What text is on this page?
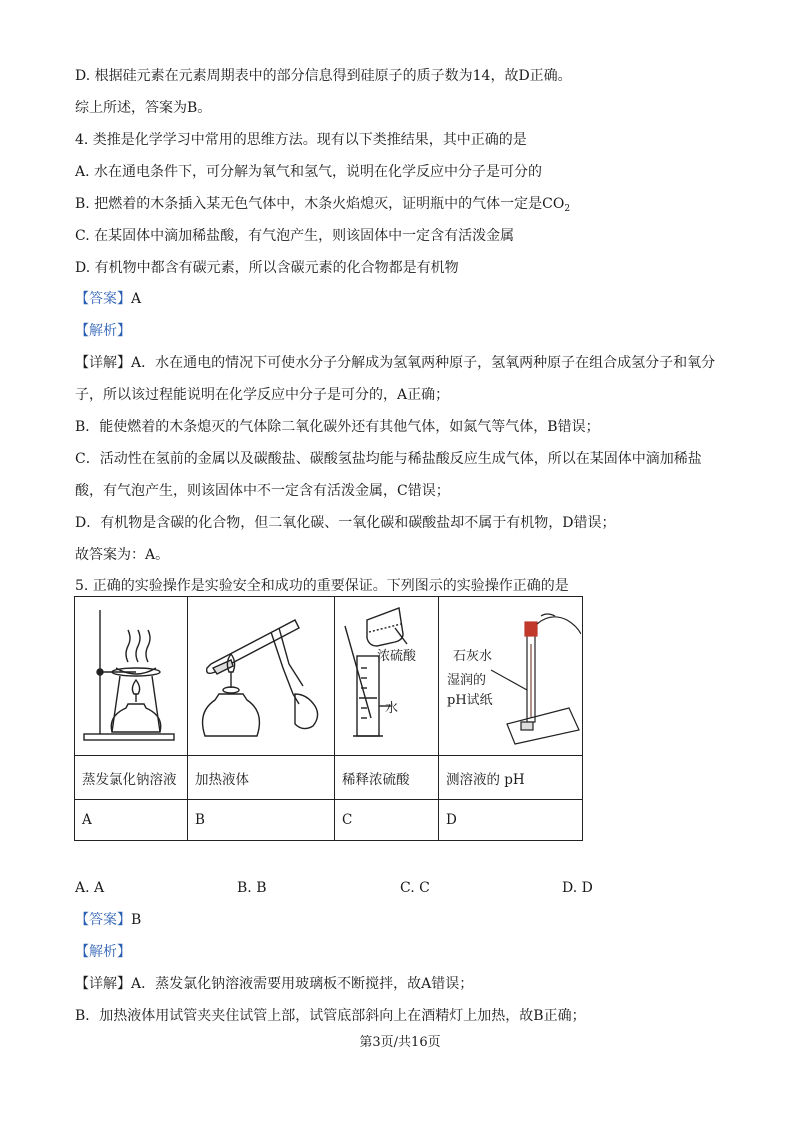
D. 根据硅元素在元素周期表中的部分信息得到硅原子的质子数为14，故D正确。
综上所述，答案为B。
4. 类推是化学学习中常用的思维方法。现有以下类推结果，其中正确的是
A. 水在通电条件下，可分解为氧气和氢气，说明在化学反应中分子是可分的
B. 把燃着的木条插入某无色气体中，木条火焰熄灭，证明瓶中的气体一定是$CO_2$
C. 在某固体中滴加稀盐酸，有气泡产生，则该固体中一定含有活泼金属
D. 有机物中都含有碳元素，所以含碳元素的化合物都是有机物
【答案】A
【解析】
【详解】A．水在通电的情况下可使水分子分解成为氢氧两种原子，氢氧两种原子在组合成氢分子和氧分
子，所以该过程能说明在化学反应中分子是可分的，A正确；
B．能使燃着的木条熄灭的气体除二氧化碳外还有其他气体，如氮气等气体，B错误；
C．活动性在氢前的金属以及碳酸盐、碳酸氢盐均能与稀盐酸反应生成气体，所以在某固体中滴加稀盐
酸，有气泡产生，则该固体中不一定含有活泼金属，C错误；
D．有机物是含碳的化合物，但二氧化碳、一氧化碳和碳酸盐却不属于有机物，D错误；
故答案为：A。
5. 正确的实验操作是实验安全和成功的重要保证。下列图示的实验操作正确的是

浓硫酸
水	石灰水
湿润的
pH试纸

蒸发氯化钠溶液	加热液体	稀释浓硫酸	测溶液的 pH
A	B	C	D
A. A	B. B	C. C	D. D
【答案】B
【解析】
【详解】A．蒸发氯化钠溶液需要用玻璃板不断搅拌，故A错误；
B．加热液体用试管夹夹住试管上部，试管底部斜向上在酒精灯上加热，故B正确；
第3页/共16页
